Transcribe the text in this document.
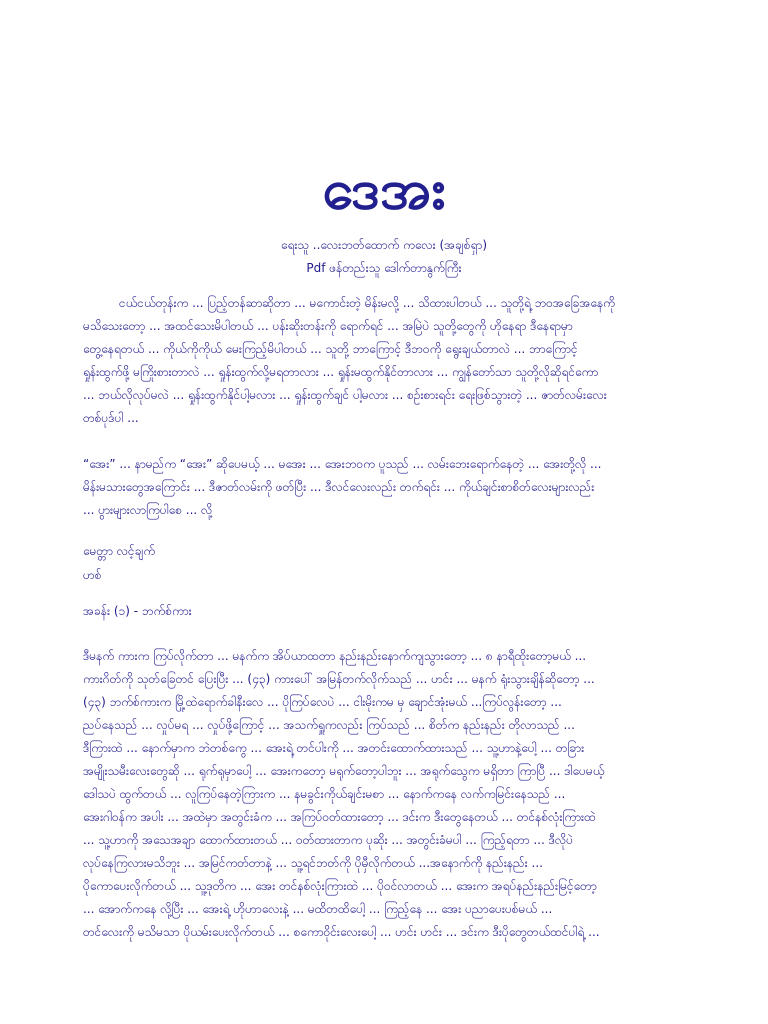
ဒေအး
ရေးသူ ..လေးဘတ်ထောက် ကလေး (အချစ်ရှာ)
Pdf ဖန်တည်းသူ ဒေါက်တာနွက်ကြီး
ငယ်ငယ်တုန်းက ... ပြည့်တန်ဆာဆိုတာ ... မကောင်းတဲ့ မိန်းမလို့ ... သိထားပါတယ် ... သူတို့ရဲ့ ဘဝအခြေအနေကို
မသိသေးတော့ ... အထင်သေးမိပါတယ် ... ပန်းဆိုးတန်းကို ရောက်ရင် ... အမြဲပဲ သူတို့တွေကို ဟိုနေရာ ဒီနေရာမှာ
တွေ့နေရတယ် ... ကိုယ်ကိုကိုယ် မေးကြည့်မိပါတယ် ... သူတို့ ဘာကြောင့် ဒီဘဝကို ရွေးချယ်တာလဲ ... ဘာကြောင့်
ရှုန်းထွက်ဖို့ မကြိုးစားတာလဲ ... ရှုန်းထွက်လို့မရတာလား ... ရှုန်းမထွက်နိုင်တာလား ... ကျွန်တော်သာ သူတို့လိုဆိုရင်ကော
... ဘယ်လိုလုပ်မလဲ ... ရှုန်းထွက်နိုင်ပါ့မလား ... ရှုန်းထွက်ချင် ပါ့မလား ... စဉ်းစားရင်း ရေးဖြစ်သွားတဲ့ ... ဇာတ်လမ်းလေး
တစ်ပုဒ်ပါ ...
“အေး” ... နာမည်က “အေး” ဆိုပေမယ့် ... မအေး ... အေးဘဝက ပူသည် ... လမ်းဘေးရောက်နေတဲ့ ... အေးတို့လို ...
မိန်းမသားတွေအကြောင်း ... ဒီဇာတ်လမ်းကို ဖတ်ပြီး ... ဒီလင်လေးလည်း တက်ရင်း ... ကိုယ်ချင်းစာစိတ်လေးများလည်း
... ပွားများလာကြပါစေ ... လို့
မေတ္တာ လင့်ချက်
ဟစ်
အခန်း (၁) - ဘက်စ်ကား
ဒီမနက် ကားက ကြပ်လိုက်တာ ... မနက်က အိပ်ယာထတာ နည်းနည်းနောက်ကျသွားတော့ ... ၈ နာရီထိုးတော့မယ် ...
ကားဂိတ်ကို သုတ်ခြေတင် ပြေးပြီး ... (၄၃) ကားပေါ် အမြန်တက်လိုက်သည် ... ဟင်း ... မနက် ရုံးသွားချိန်ဆိုတော့ ...
(၄၃) ဘက်စ်ကားက မြို့ထဲရောက်ခါနီးလေ ... ပိုကြပ်လေပဲ ... ငါးမိုးကမ မှ ချောင်အုံးမယ် ...ကြပ်လွန်းတော့ ...
ညပ်နေသည် ... လှုပ်မရ ... လှုပ်ဖို့ကြောင့် ... အသက်ရှူကလည်း ကြပ်သည် ... စိတ်က နည်းနည်း တိုလာသည် ...
ဒီကြားထဲ ... နောက်မှာက ဘဲတစ်ကွေ ... အေးရဲ့ တင်ပါးကို ... အတင်းထောက်ထားသည် ... သူ့ဟာနဲ့ပေါ့ ... တခြား
အမျိုးသမီးလေးတွေဆို ... ရုက်ရုမှာပေါ့ ... အေးကတော့ မရုက်တော့ပါဘူး ... အရုက်သွေက မရှိတာ ကြာပြီ ... ဒါပေမယ့်
ဒေါသပဲ ထွက်တယ် ... လူကြပ်နေတဲ့ကြားက ... နမခွင်းကိုယ်ချင်းမစာ ... နောက်ကနေ လက်ကမြင်းနေသည် ...
အေးဂါဝန်က အပါး ... အထဲမှာ အတွင်းခံက ... အကြပ်ဝတ်ထားတော့ ... ဒင်းက ဒီးတွေနေတယ် ... တင်နစ်လုံးကြားထဲ
... သူ့ဟာကို အသေအချာ ထောက်ထားတယ် ... ဝတ်ထားတာက ပုဆိုး ... အတွင်းခံမပါ ... ကြည့်ရတာ ... ဒီလိုပဲ
လုပ်နေကြလားမသိဘူး ... အမြင်ကတ်တာနဲ့ ... သူ့ရင်ဘတ်ကို ပိုမှီလိုက်တယ် ...အနောက်ကို နည်းနည်း ...
ပိုကောပေးလိုက်တယ် ... သူ့ဒုတိက ... အေး တင်နစ်လုံးကြားထဲ ... ပိုဝင်လာတယ် ... အေးက အရပ်နည်းနည်းမြင့်တော့
... အောက်ကနေ လို့ပြီး ... အေးရဲ့ ဟိုဟာလေးနဲ့ ... မထိတထိပေါ့ ... ကြည့်နေ ... အေး ပညာပေးပစ်မယ် ...
တင်လေးကို မသိမသာ ပိုယမ်းပေးလိုက်တယ် ... စကောဝိုင်းလေးပေါ့ ... ဟင်း ဟင်း ... ဒင်းက ဒီးပိုတွေတယ်ထင်ပါရဲ့ ...
